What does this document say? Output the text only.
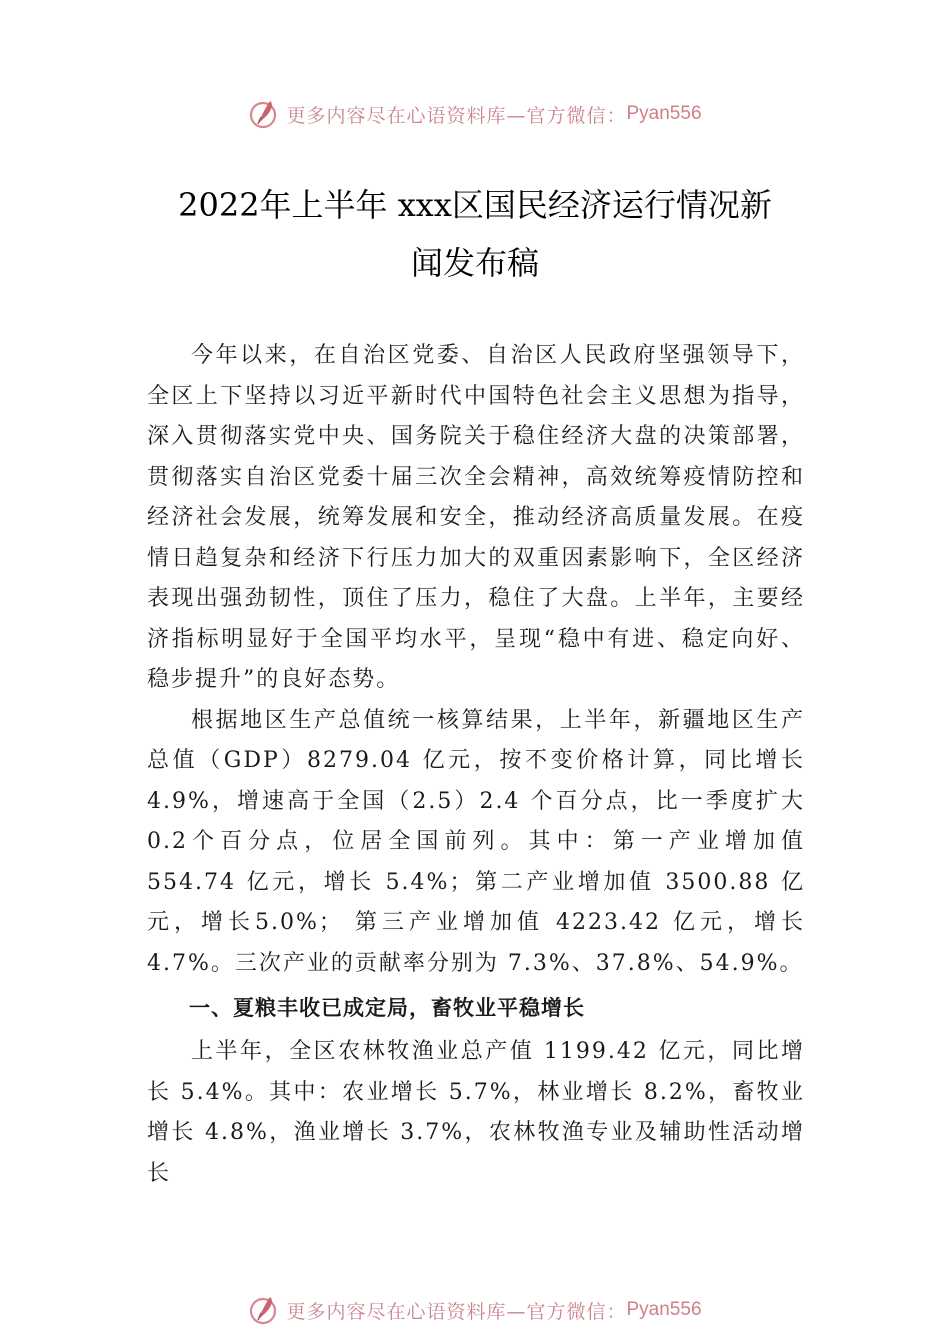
更多内容尽在心语资料库—官方微信： Pyan556
2022年上半年 xxx区国民经济运行情况新
闻发布稿

今年以来，在自治区党委、自治区人民政府坚强领导下，全区上下坚持以习近平新时代中国特色社会主义思想为指导，深入贯彻落实党中央、国务院关于稳住经济大盘的决策部署，贯彻落实自治区党委十届三次全会精神，高效统筹疫情防控和经济社会发展，统筹发展和安全，推动经济高质量发展。在疫情日趋复杂和经济下行压力加大的双重因素影响下，全区经济表现出强劲韧性，顶住了压力，稳住了大盘。上半年，主要经济指标明显好于全国平均水平，呈现“稳中有进、稳定向好、稳步提升”的良好态势。

根据地区生产总值统一核算结果，上半年，新疆地区生产总值（GDP）8279.04 亿元，按不变价格计算，同比增长4.9%，增速高于全国（2.5）2.4 个百分点，比一季度扩大 0.2个百分点，位居全国前列。其中：第一产业增加值 554.74 亿元，增长 5.4%；第二产业增加值 3500.88 亿元，增长5.0%； 第三产业增加值 4223.42 亿元，增长 4.7%。三次产业的贡献率分别为 7.3%、37.8%、54.9%。

一、夏粮丰收已成定局，畜牧业平稳增长

上半年，全区农林牧渔业总产值 1199.42 亿元，同比增长 5.4%。其中：农业增长 5.7%，林业增长 8.2%，畜牧业增长 4.8%，渔业增长 3.7%，农林牧渔专业及辅助性活动增长

更多内容尽在心语资料库—官方微信： Pyan556
